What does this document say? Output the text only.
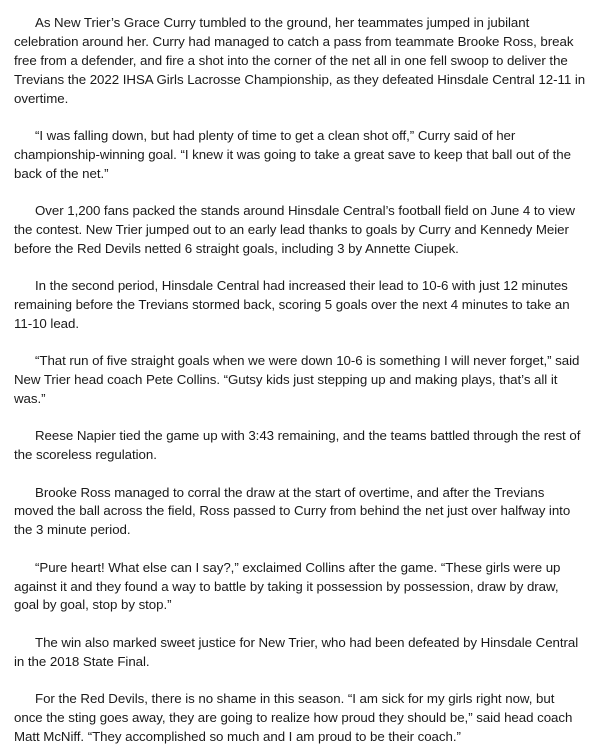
As New Trier’s Grace Curry tumbled to the ground, her teammates jumped in jubilant celebration around her. Curry had managed to catch a pass from teammate Brooke Ross, break free from a defender, and fire a shot into the corner of the net all in one fell swoop to deliver the Trevians the 2022 IHSA Girls Lacrosse Championship, as they defeated Hinsdale Central 12-11 in overtime.

“I was falling down, but had plenty of time to get a clean shot off,” Curry said of her championship-winning goal. “I knew it was going to take a great save to keep that ball out of the back of the net.”

Over 1,200 fans packed the stands around Hinsdale Central’s football field on June 4 to view the contest. New Trier jumped out to an early lead thanks to goals by Curry and Kennedy Meier before the Red Devils netted 6 straight goals, including 3 by Annette Ciupek.

In the second period, Hinsdale Central had increased their lead to 10-6 with just 12 minutes remaining before the Trevians stormed back, scoring 5 goals over the next 4 minutes to take an 11-10 lead.

“That run of five straight goals when we were down 10-6 is something I will never forget,” said New Trier head coach Pete Collins. “Gutsy kids just stepping up and making plays, that’s all it was.”

Reese Napier tied the game up with 3:43 remaining, and the teams battled through the rest of the scoreless regulation.

Brooke Ross managed to corral the draw at the start of overtime, and after the Trevians moved the ball across the field, Ross passed to Curry from behind the net just over halfway into the 3 minute period.

“Pure heart! What else can I say?,” exclaimed Collins after the game. “These girls were up against it and they found a way to battle by taking it possession by possession, draw by draw, goal by goal, stop by stop.”

The win also marked sweet justice for New Trier, who had been defeated by Hinsdale Central in the 2018 State Final.

For the Red Devils, there is no shame in this season. “I am sick for my girls right now, but once the sting goes away, they are going to realize how proud they should be,” said head coach Matt McNiff. “They accomplished so much and I am proud to be their coach.”
